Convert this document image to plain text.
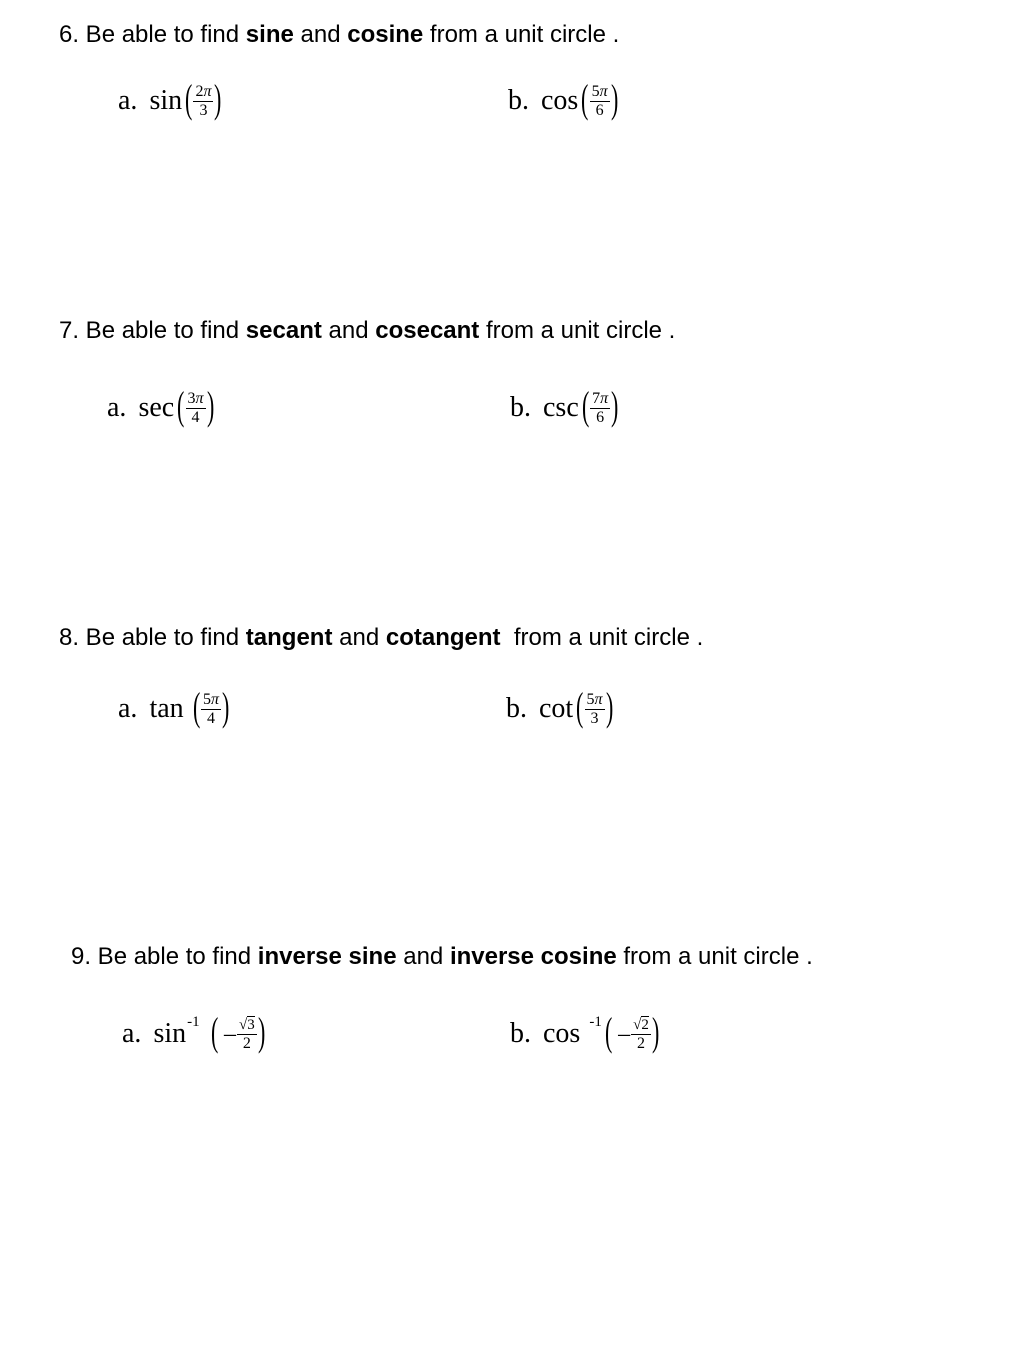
6. Be able to find sine and cosine from a unit circle .
a. sin ( $\frac{2\pi}{3}$ )	b. cos ( $\frac{5\pi}{6}$ )
7. Be able to find secant and cosecant from a unit circle .
a. sec ( $\frac{3\pi}{4}$ )	b. csc ( $\frac{7\pi}{6}$ )
8. Be able to find tangent and cotangent  from a unit circle .
a. tan ( $\frac{5\pi}{4}$ )	b. cot ( $\frac{5\pi}{3}$ )
9. Be able to find inverse sine and inverse cosine from a unit circle .
a. sin -1 ( – $\frac{√3}{2}$ )	b. cos -1 ( – $\frac{√2}{2}$ )
